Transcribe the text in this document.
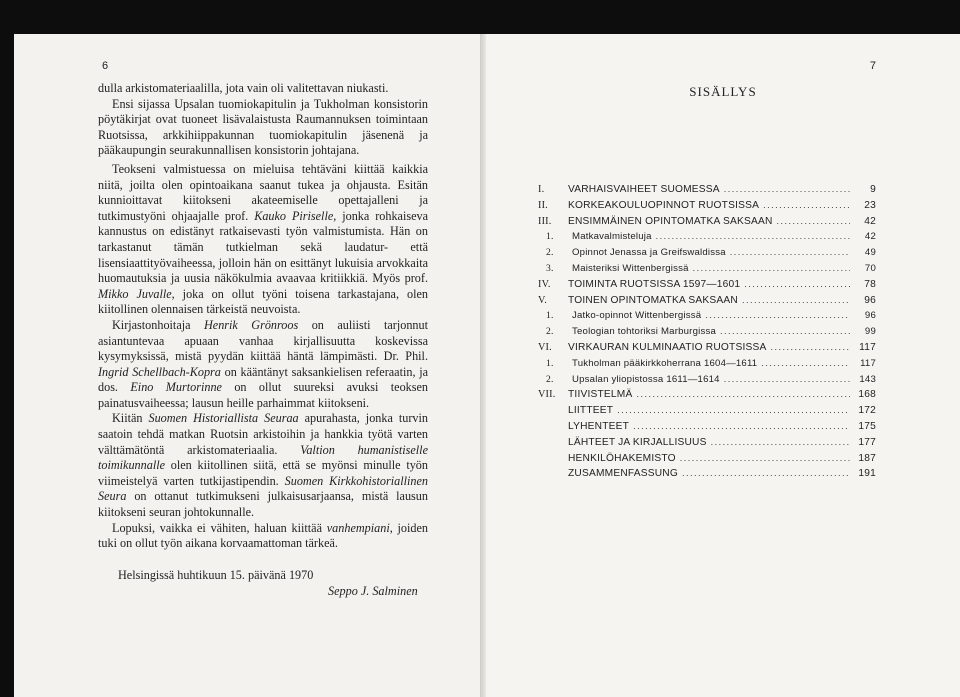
6

dulla arkistomateriaalilla, jota vain oli valitettavan niukasti.

Ensi sijassa Upsalan tuomiokapitulin ja Tukholman konsistorin pöytäkirjat ovat tuoneet lisävalaistusta Raumannuksen toimintaan Ruotsissa, arkkihiippakunnan tuomiokapitulin jäsenenä ja pääkaupungin seurakunnallisen konsistorin johtajana.

Teokseni valmistuessa on mieluisa tehtäväni kiittää kaikkia niitä, joilta olen opintoaikana saanut tukea ja ohjausta. Esitän kunnioittavat kiitokseni akateemiselle opettajalleni ja tutkimustyöni ohjaajalle prof. Kauko Piriselle, jonka rohkaiseva kannustus on edistänyt ratkaisevasti työn valmistumista. Hän on tarkastanut tämän tutkielman sekä laudatur- että lisensiaattityövaiheessa, jolloin hän on esittänyt lukuisia arvokkaita huomautuksia ja uusia näkökulmia avaavaa kritiikkiä. Myös prof. Mikko Juvalle, joka on ollut työni toisena tarkastajana, olen kiitollinen olennaisen tärkeistä neuvoista.

Kirjastonhoitaja Henrik Grönroos on auliisti tarjonnut asiantuntevaa apuaan vanhaa kirjallisuutta koskevissa kysymyksissä, mistä pyydän kiittää häntä lämpimästi. Dr. Phil. Ingrid Schellbach-Kopra on kääntänyt saksankielisen referaatin, ja dos. Eino Murtorinne on ollut suureksi avuksi teoksen painatusvaiheessa; lausun heille parhaimmat kiitokseni.

Kiitän Suomen Historiallista Seuraa apurahasta, jonka turvin saatoin tehdä matkan Ruotsin arkistoihin ja hankkia työtä varten välttämätöntä arkistomateriaalia. Valtion humanistiselle toimikunnalle olen kiitollinen siitä, että se myönsi minulle työn viimeistelyä varten tutkijastipendin. Suomen Kirkkohistoriallinen Seura on ottanut tutkimukseni julkaisusarjaansa, mistä lausun kiitokseni seuran johtokunnalle.

Lopuksi, vaikka ei vähiten, haluan kiittää vanhempiani, joiden tuki on ollut työn aikana korvaamattoman tärkeä.

Helsingissä huhtikuun 15. päivänä 1970
Seppo J. Salminen
7
SISÄLLYS
I.	VARHAISVAIHEET SUOMESSA .....	9
II.	KORKEAKOULUOPINNOT RUOTSISSA .....	23
III.	ENSIMMÄINEN OPINTOMATKA SAKSAAN .....	42
1.	Matkavalmisteluja .....	42
2.	Opinnot Jenassa ja Greifswaldissa .....	49
3.	Maisteriksi Wittenbergissä .....	70
IV.	TOIMINTA RUOTSISSA 1597—1601 .....	78
V.	TOINEN OPINTOMATKA SAKSAAN .....	96
1.	Jatko-opinnot Wittenbergissä .....	96
2.	Teologian tohtoriksi Marburgissa .....	99
VI.	VIRKAURAN KULMINAATIO RUOTSISSA .....	117
1.	Tukholman pääkirkkoherrana 1604—1611 .....	117
2.	Upsalan yliopistossa 1611—1614 .....	143
VII.	TIIVISTELMÄ .....	168
LIITTEET .....	172
LYHENTEET .....	175
LÄHTEET JA KIRJALLISUUS .....	177
HENKILÖHAKEMISTO .....	187
ZUSAMMENFASSUNG .....	191
